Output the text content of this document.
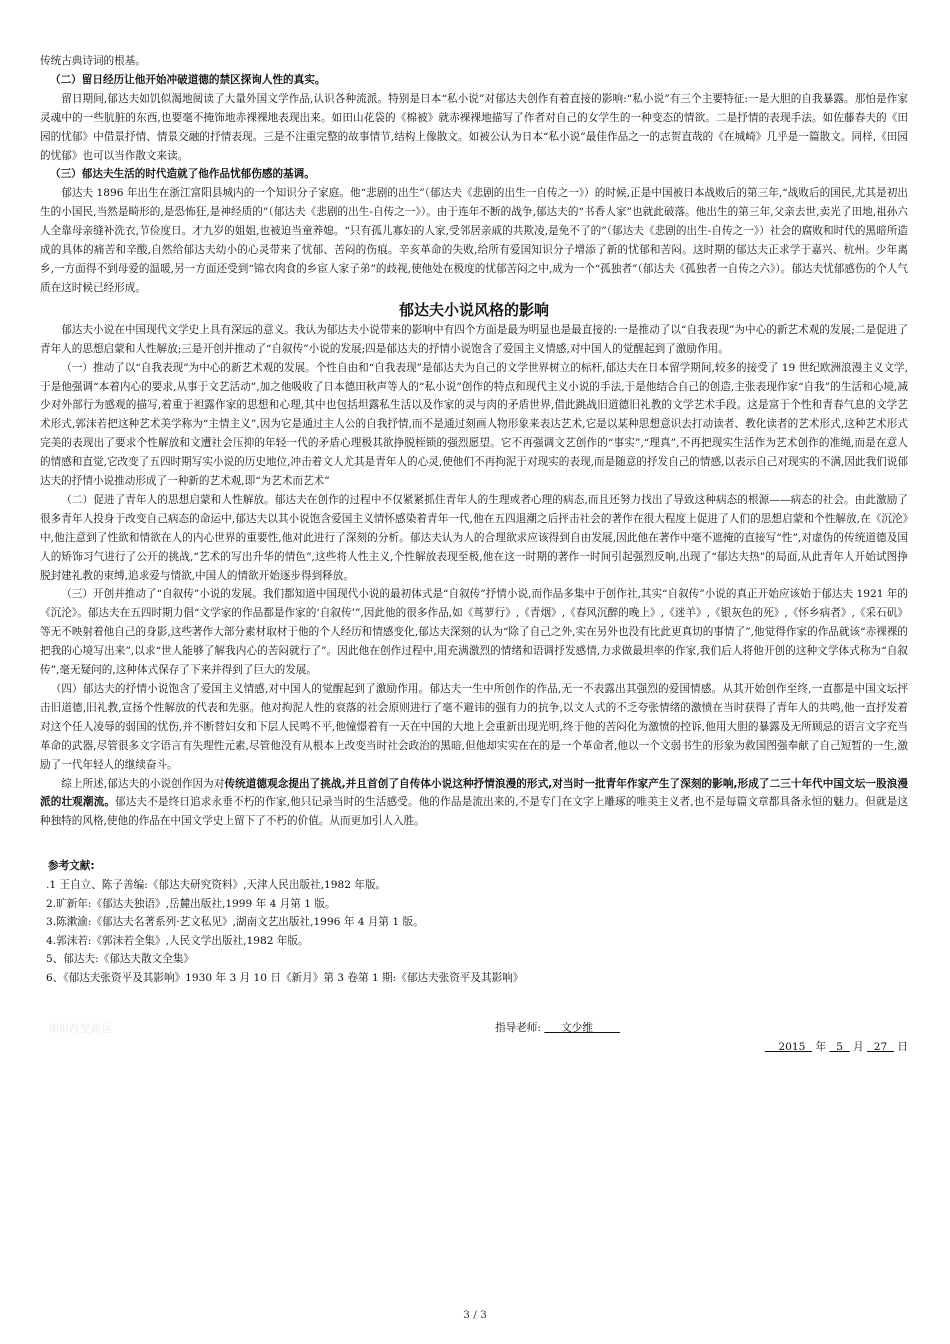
传统古典诗词的根基。

（二）留日经历让他开始冲破道德的禁区探询人性的真实。

留日期间,郁达夫如饥似渴地阅读了大量外国文学作品,认识各种流派。特别是日本“私小说”对郁达夫创作有着直接的影响:“私小说”有三个主要特征:一是大胆的自我暴露。那怕是作家灵魂中的一些肮脏的东西,也要毫不掩饰地赤裸裸地表现出来。如田山花袋的《棉被》就赤裸裸地描写了作者对自己的女学生的一种变态的情欲。二是抒情的表现手法。如佐藤春夫的《田园的忧郁》中借景抒情、情景交融的抒情表现。三是不注重完整的故事情节,结构上像散文。如被公认为日本“私小说”最佳作品之一的志贺直哉的《在城崎》几乎是一篇散文。同样,《田园的忧郁》也可以当作散文来读。

（三）郁达夫生活的时代造就了他作品忧郁伤感的基调。

郁达夫 1896 年出生在浙江富阳县城内的一个知识分子家庭。他“悲剧的出生”（郁达夫《悲剧的出生一自传之一》）的时候,正是中国被日本战败后的第三年,“战败后的国民,尤其是初出生的小国民,当然是畸形的,是恐怖狂,是神经质的”（郁达夫《悲剧的出生-自传之一》）。由于连年不断的战争,郁达夫的“书香人家”也就此破落。他出生的第三年,父亲去世,卖光了田地,祖孙六人全靠母亲缝补洗衣,节俭度日。才九岁的姐姐,也被迫当童养媳。“只有孤儿寡妇的人家,受邻居亲戚的共欺凌,是免不了的”（郁达夫《悲剧的出生-自传之一》）社会的腐败和时代的黑暗所造成的具体的痛苦和辛酸,自然给郁达夫幼小的心灵带来了忧郁、苦闷的伤痕。辛亥革命的失败,给所有爱国知识分子增添了新的忧郁和苦闷。这时期的郁达夫正求学于嘉兴、杭州。少年离乡,一方面得不到母爱的温暖,另一方面还受到“锦衣肉食的乡宦人家子弟”的歧视,使他处在极度的忧郁苦闷之中,成为一个“孤独者”（郁达夫《孤独者一自传之六》）。郁达夫忧郁感伤的个人气质在这时候已经形成。

郁达夫小说风格的影响

郁达夫小说在中国现代文学史上具有深远的意义。我认为郁达夫小说带来的影响中有四个方面是最为明显也是最直接的:一是推动了以“自我表现”为中心的新艺术观的发展;二是促进了青年人的思想启蒙和人性解放;三是开创并推动了“自叙传”小说的发展;四是郁达夫的抒情小说饱含了爱国主义情感,对中国人的觉醒起到了激励作用。

（一）推动了以“自我表现”为中心的新艺术观的发展。个性自由和“自我表现”是郁达夫为自己的文学世界树立的标杆,郁达夫在日本留学期间,较多的接受了 19 世纪欧洲浪漫主义文学,于是他强调“本着内心的要求,从事于文艺活动”,加之他吸收了日本德田秋声等人的“私小说”创作的特点和现代主义小说的手法,于是他结合自己的创造,主张表现作家“自我”的生活和心境,减少对外部行为感观的描写,着重于袒露作家的思想和心理,其中也包括坦露私生活以及作家的灵与肉的矛盾世界,借此跳战旧道德旧礼教的文学艺术手段。这是富于个性和青春气息的文学艺术形式,郭沫若把这种艺术美学称为“主情主义”,因为它是通过主人公的自我抒情,而不是通过刻画人物形象来表达艺术,它是以某种思想意识去打动读者、教化读者的艺术形式,这种艺术形式完美的表现出了要求个性解放和文遭社会压抑的年轻一代的矛盾心理极其欲挣脱桎锁的强烈愿望。它不再强调文艺创作的“事实”,“理真”,不再把现实生活作为艺术创作的准绳,而是在意人的情感和直觉,它改变了五四时期写实小说的历史地位,冲击着文人尤其是青年人的心灵,使他们不再拘泥于对现实的表现,而是随意的抒发自己的情感,以表示自己对现实的不满,因此我们说郁达夫的抒情小说推动形成了一种新的艺术观,即“为艺术而艺术”

（二）促进了青年人的思想启蒙和人性解放。郁达夫在创作的过程中不仅紧紧抓住青年人的生理或者心理的病态,而且还努力找出了导致这种病态的根源——病态的社会。由此激励了很多青年人投身于改变自己病态的命运中,郁达夫以其小说饱含爱国主义情怀感染着青年一代,他在五四退潮之后抨击社会的著作在很大程度上促进了人们的思想启蒙和个性解放,在《沉沦》中,他注意到了性欲和情欲在人的内心世界的重要性,他对此进行了深刻的分析。郁达夫认为人的合理欲求应该得到自由发展,因此他在著作中毫不遮掩的直接写“性”,对虚伪的传统道德及国人的矫饰习气进行了公开的挑战,“艺术的写出升华的情色”,这些将人性主义,个性解放表现至极,他在这一时期的著作一时间引起强烈反响,出现了“郁达夫热”的局面,从此青年人开始试图挣脱封建礼教的束缚,追求爱与情欲,中国人的情欲开始逐步得到释放。

（三）开创并推动了“自叙传”小说的发展。我们都知道中国现代小说的最初体式是“自叙传”抒情小说,而作品多集中于创作社,其实“自叙传”小说的真正开始应该始于郁达夫 1921 年的《沉沦》。郁达夫在五四时期力倡“文学家的作品都是作家的‘自叙传’”,因此他的很多作品,如《茑萝行》,《青烟》,《春风沉醉的晚上》,《迷羊》,《银灰色的死》,《怀乡病者》,《采石矶》等无不映射着他自己的身影,这些著作大部分素材取材于他的个人经历和情感变化,郁达夫深刻的认为“除了自己之外,实在另外也没有比此更真切的事情了”,他觉得作家的作品就该“赤裸裸的把我的心境写出来”,以求“世人能够了解我内心的苦闷就行了”。因此他在创作过程中,用充满激烈的情绪和语调抒发感情,力求做最坦率的作家,我们后人将他开创的这种文学体式称为“自叙传”,毫无疑问的,这种体式保存了下来并得到了巨大的发展。

（四）郁达夫的抒情小说饱含了爱国主义情感,对中国人的觉醒起到了激励作用。郁达夫一生中所创作的作品,无一不表露出其强烈的爱国情感。从其开始创作至终,一直都是中国文坛抨击旧道德,旧礼教,宣扬个性解放的代表和先驱。他对拘泥人性的衰落的社会原则进行了毫不避讳的强有力的抗争,以文人式的不乏夸张情绪的激愤在当时获得了青年人的共鸣,他一直抒发着对这个任人凌辱的弱国的忧伤,并不断替妇女和下层人民鸣不平,他憧憬着有一天在中国的大地上会重新出现光明,终于他的苦闷化为激愤的控诉,他用大胆的暴露及无所顾忌的语言文字充当革命的武器,尽管很多文字语言有失理性元素,尽管他没有从根本上改变当时社会政治的黑暗,但他却实实在在的是一个革命者,他以一个文弱书生的形象为救国图强奉献了自己短暂的一生,激励了一代年轻人的继续奋斗。

综上所述,郁达夫的小说创作因为对传统道德观念提出了挑战,并且首创了自传体小说这种抒情浪漫的形式,对当时一批青年作家产生了深刻的影响,形成了二三十年代中国文坛一股浪漫派的壮观潮流。郁达夫不是终日追求永垂不朽的作家,他只记录当时的生活感受。他的作品是流出来的,不是专门在文字上雕琢的唯美主义者,也不是每篇文章都具备永恒的魅力。但就是这种独特的风格,使他的作品在中国文学史上留下了不朽的价值。从而更加引人入胜。

参考文献:

.1 王自立、陈子善编:《郁达夫研究资料》,天津人民出版社,1982 年版。

2.旷新年:《郁达夫独语》,岳麓出版社,1999 年 4 月第 1 版。

3.陈漱渝:《郁达夫名著系列·艺文私见》,湖南文艺出版社,1996 年 4 月第 1 版。

4.郭沫若:《郭沫若全集》,人民文学出版社,1982 年版。

5、郁达夫:《郁达夫散文全集》

6、《郁达夫张资平及其影响》1930 年 3 月 10 日《新月》第 3 卷第 1 期:《郁达夫张资平及其影响》

指导老师: 文少维

2015 年 5 月 27 日

知识改变命运
3 / 3
